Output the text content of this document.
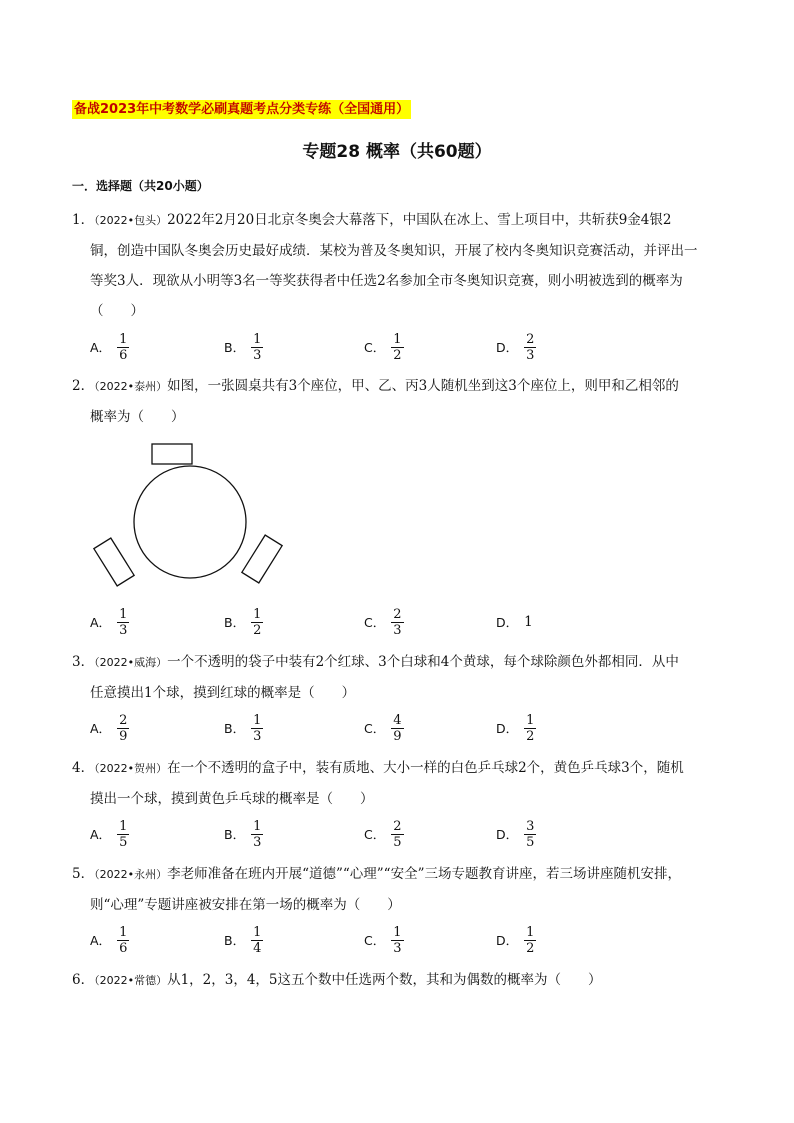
备战2023年中考数学必刷真题考点分类专练（全国通用）
专题28 概率（共60题）
一．选择题（共20小题）
1．（2022•包头）2022年2月20日北京冬奥会大幕落下，中国队在冰上、雪上项目中，共斩获9金4银2
铜，创造中国队冬奥会历史最好成绩．某校为普及冬奥知识，开展了校内冬奥知识竞赛活动，并评出一
等奖3人．现欲从小明等3名一等奖获得者中任选2名参加全市冬奥知识竞赛，则小明被选到的概率为
（　　）
A． $\frac{1}{6}$	B． $\frac{1}{3}$	C． $\frac{1}{2}$	D． $\frac{2}{3}$
2．（2022•泰州）如图，一张圆桌共有3个座位，甲、乙、丙3人随机坐到这3个座位上，则甲和乙相邻的
概率为（　　）
A． $\frac{1}{3}$	B． $\frac{1}{2}$	C． $\frac{2}{3}$	D． 1
3．（2022•威海）一个不透明的袋子中装有2个红球、3个白球和4个黄球，每个球除颜色外都相同．从中
任意摸出1个球，摸到红球的概率是（　　）
A． $\frac{2}{9}$	B． $\frac{1}{3}$	C． $\frac{4}{9}$	D． $\frac{1}{2}$
4．（2022•贺州）在一个不透明的盒子中，装有质地、大小一样的白色乒乓球2个，黄色乒乓球3个，随机
摸出一个球，摸到黄色乒乓球的概率是（　　）
A． $\frac{1}{5}$	B． $\frac{1}{3}$	C． $\frac{2}{5}$	D． $\frac{3}{5}$
5．（2022•永州）李老师准备在班内开展“道德”“心理”“安全”三场专题教育讲座，若三场讲座随机安排，
则“心理”专题讲座被安排在第一场的概率为（　　）
A． $\frac{1}{6}$	B． $\frac{1}{4}$	C． $\frac{1}{3}$	D． $\frac{1}{2}$
6．（2022•常德）从1，2，3，4，5这五个数中任选两个数，其和为偶数的概率为（　　）
